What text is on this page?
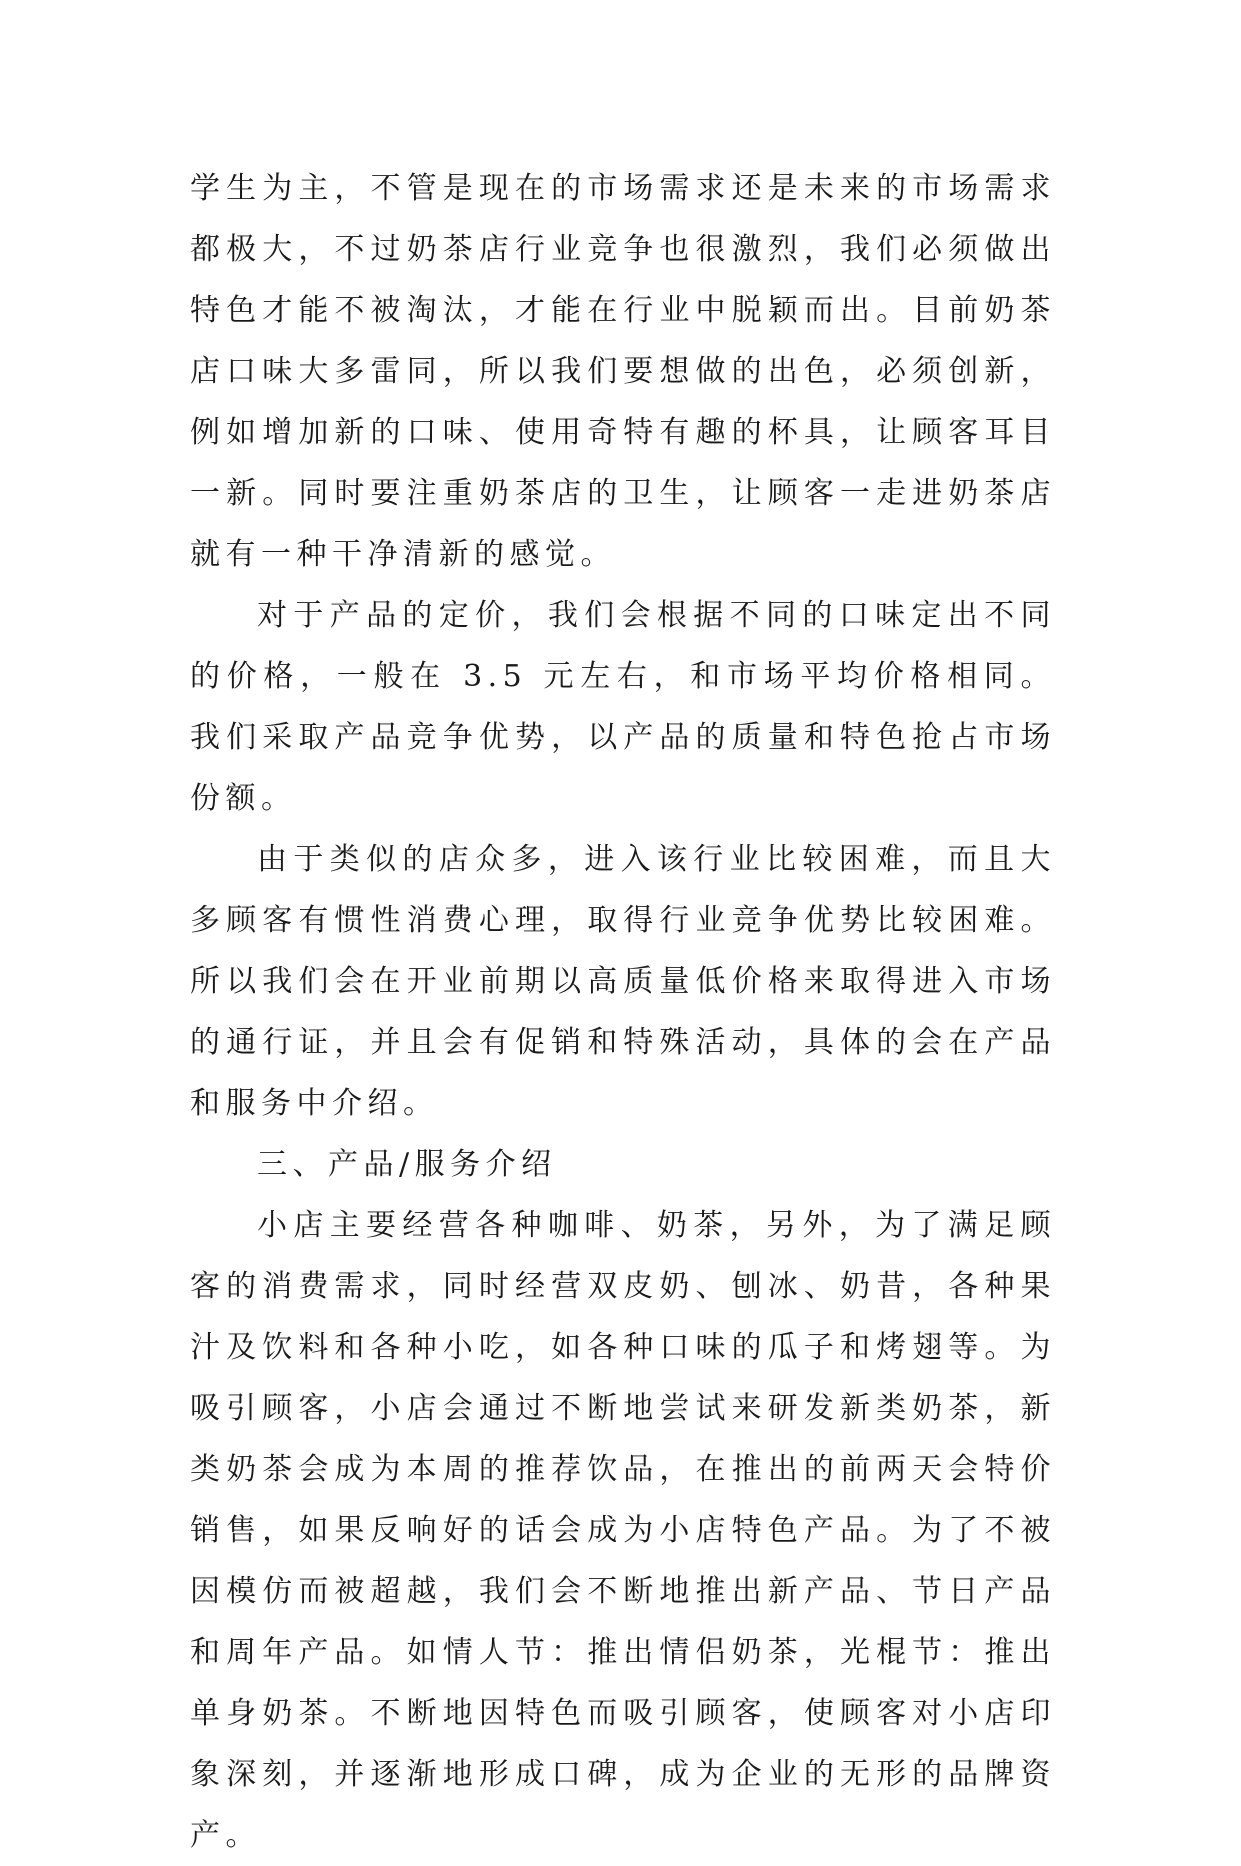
学生为主，不管是现在的市场需求还是未来的市场需求都极大，不过奶茶店行业竞争也很激烈，我们必须做出特色才能不被淘汰，才能在行业中脱颖而出。目前奶茶店口味大多雷同，所以我们要想做的出色，必须创新，例如增加新的口味、使用奇特有趣的杯具，让顾客耳目一新。同时要注重奶茶店的卫生，让顾客一走进奶茶店就有一种干净清新的感觉。

对于产品的定价，我们会根据不同的口味定出不同的价格，一般在 3.5 元左右，和市场平均价格相同。我们采取产品竞争优势，以产品的质量和特色抢占市场份额。

由于类似的店众多，进入该行业比较困难，而且大多顾客有惯性消费心理，取得行业竞争优势比较困难。所以我们会在开业前期以高质量低价格来取得进入市场的通行证，并且会有促销和特殊活动，具体的会在产品和服务中介绍。

三、产品/服务介绍

小店主要经营各种咖啡、奶茶，另外，为了满足顾客的消费需求，同时经营双皮奶、刨冰、奶昔，各种果汁及饮料和各种小吃，如各种口味的瓜子和烤翅等。为吸引顾客，小店会通过不断地尝试来研发新类奶茶，新类奶茶会成为本周的推荐饮品，在推出的前两天会特价销售，如果反响好的话会成为小店特色产品。为了不被因模仿而被超越，我们会不断地推出新产品、节日产品和周年产品。如情人节：推出情侣奶茶，光棍节：推出单身奶茶。不断地因特色而吸引顾客，使顾客对小店印象深刻，并逐渐地形成口碑，成为企业的无形的品牌资产。
